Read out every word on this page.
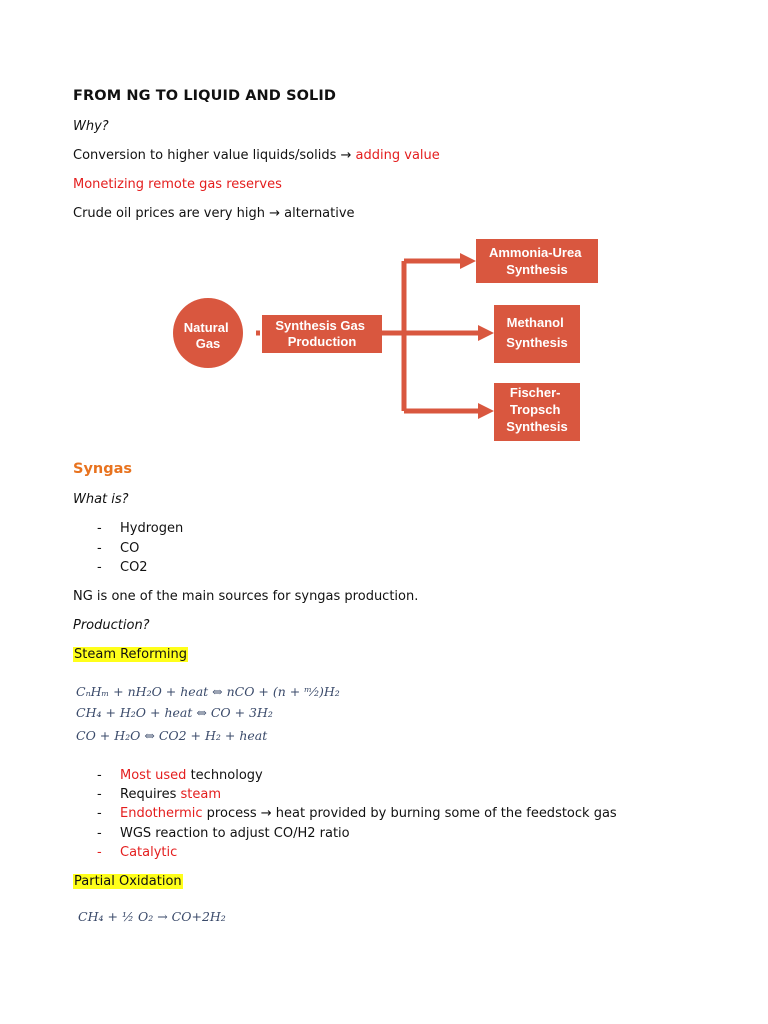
FROM NG TO LIQUID AND SOLID
Why?
Conversion to higher value liquids/solids → adding value
Monetizing remote gas reserves
Crude oil prices are very high → alternative
Natural Gas
Synthesis Gas Production
Ammonia-Urea Synthesis
Methanol Synthesis
Fischer- Tropsch Synthesis
Syngas
What is?
- Hydrogen
- CO
- CO2
NG is one of the main sources for syngas production.
Production?
Steam Reforming
CₙHₘ + nH₂O + heat ⇔ nCO + (n + ᵐ⁄₂)H₂
CH₄ + H₂O + heat ⇔ CO + 3H₂
CO + H₂O ⇔ CO2 + H₂ + heat
- Most used technology
- Requires steam
- Endothermic process → heat provided by burning some of the feedstock gas
- WGS reaction to adjust CO/H2 ratio
- Catalytic
Partial Oxidation
CH₄ + ½ O₂ → CO+2H₂
